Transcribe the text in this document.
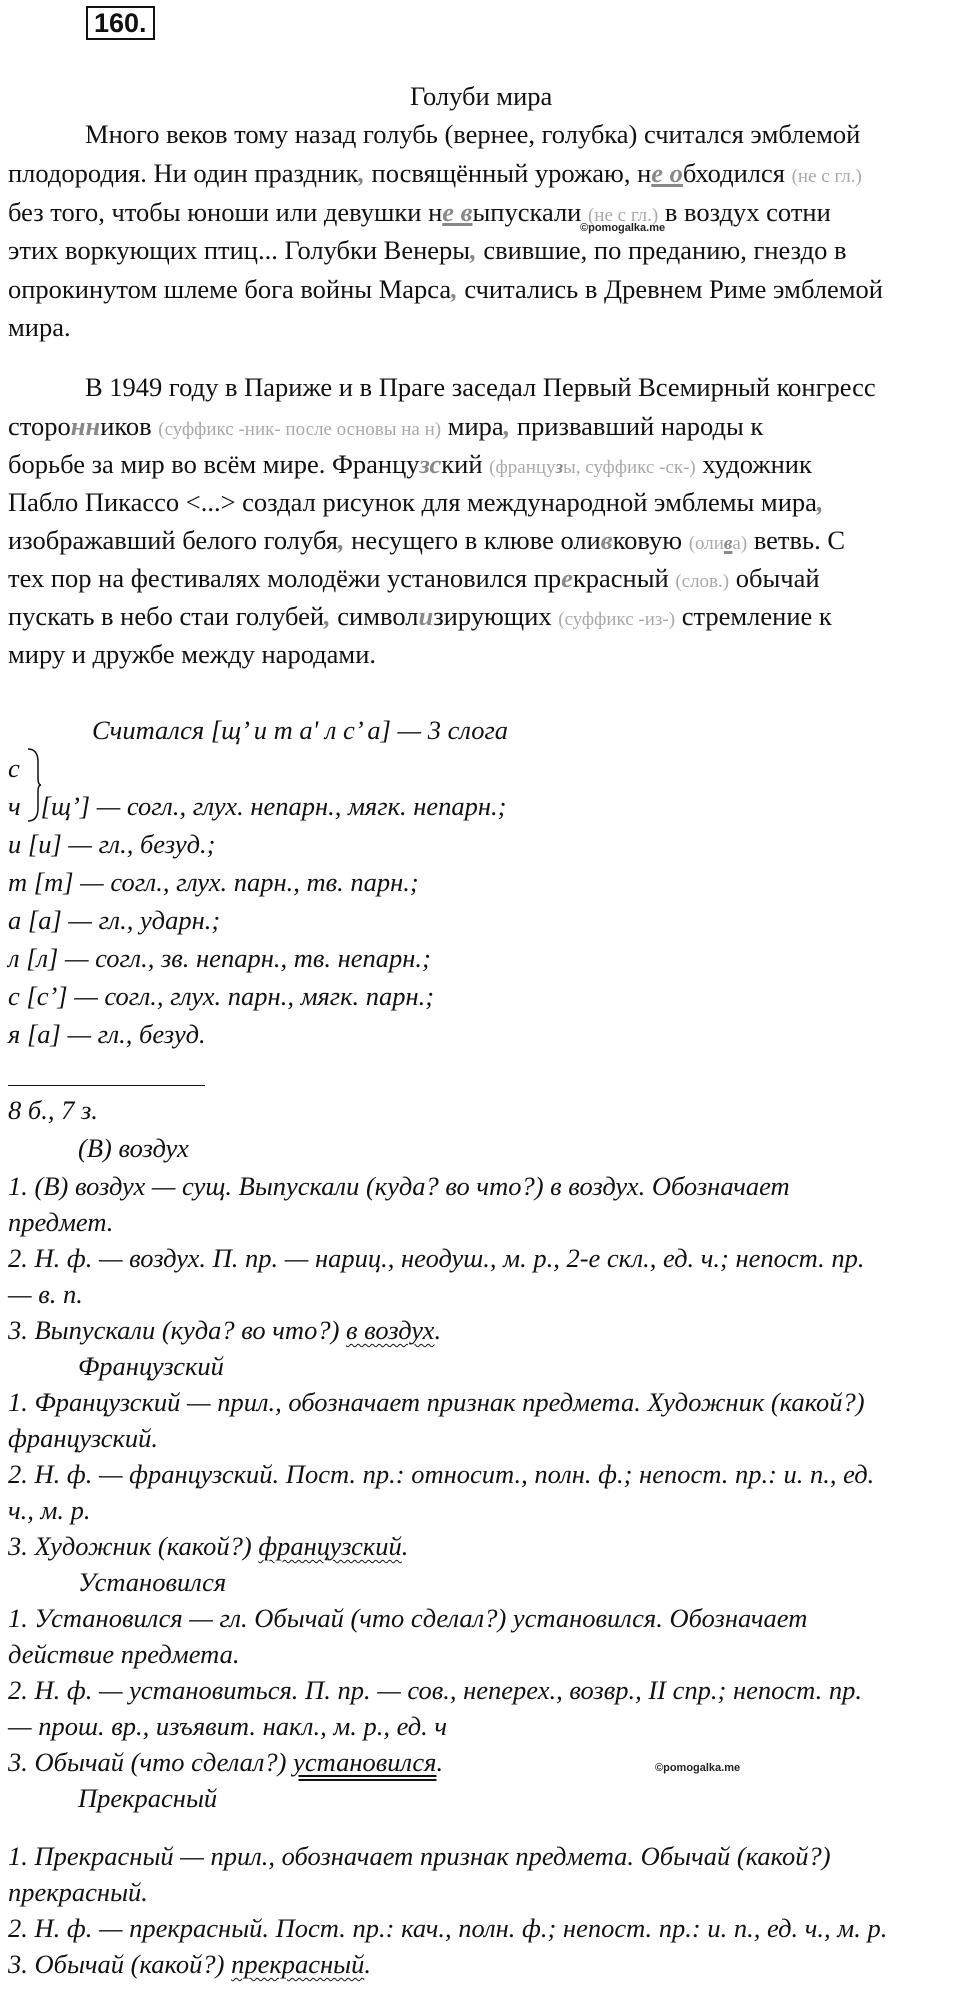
160.
Голуби мира
Много веков тому назад голубь (вернее, голубка) считался эмблемой
плодородия. Ни один праздник, посвящённый урожаю, не обходился (не с гл.)
без того, чтобы юноши или девушки не выпускали (не с гл.) в воздух сотни
©pomogalka.me
этих воркующих птиц... Голубки Венеры, свившие, по преданию, гнездо в
опрокинутом шлеме бога войны Марса, считались в Древнем Риме эмблемой
мира.
В 1949 году в Париже и в Праге заседал Первый Всемирный конгресс
сторонников (суффикс -ник- после основы на н) мира, призвавший народы к
борьбе за мир во всём мире. Французский (французы, суффикс -ск-) художник
Пабло Пикассо <...> создал рисунок для международной эмблемы мира,
изображавший белого голубя, несущего в клюве оливковую (олива) ветвь. С
тех пор на фестивалях молодёжи установился прекрасный (слов.) обычай
пускать в небо стаи голубей, символизирующих (суффикс -из-) стремление к
миру и дружбе между народами.
Считался [щ’ и т а' л с’ а] — 3 слога
с
ч [щ’] — согл., глух. непарн., мягк. непарн.;
и [и] — гл., безуд.;
т [т] — согл., глух. парн., тв. парн.;
а [а] — гл., ударн.;
л [л] — согл., зв. непарн., тв. непарн.;
с [с’] — согл., глух. парн., мягк. парн.;
я [а] — гл., безуд.
8 б., 7 з.
(В) воздух
1. (В) воздух — сущ. Выпускали (куда? во что?) в воздух. Обозначает
предмет.
2. Н. ф. — воздух. П. пр. — нариц., неодуш., м. р., 2-е скл., ед. ч.; непост. пр.
— в. п.
3. Выпускали (куда? во что?) в воздух.
Французский
1. Французский — прил., обозначает признак предмета. Художник (какой?)
французский.
2. Н. ф. — французский. Пост. пр.: относит., полн. ф.; непост. пр.: и. п., ед.
ч., м. р.
3. Художник (какой?) французский.
Установился
1. Установился — гл. Обычай (что сделал?) установился. Обозначает
действие предмета.
2. Н. ф. — установиться. П. пр. — сов., неперех., возвр., II спр.; непост. пр.
— прош. вр., изъявит. накл., м. р., ед. ч
3. Обычай (что сделал?) установился.	©pomogalka.me
Прекрасный
1. Прекрасный — прил., обозначает признак предмета. Обычай (какой?)
прекрасный.
2. Н. ф. — прекрасный. Пост. пр.: кач., полн. ф.; непост. пр.: и. п., ед. ч., м. р.
3. Обычай (какой?) прекрасный.
